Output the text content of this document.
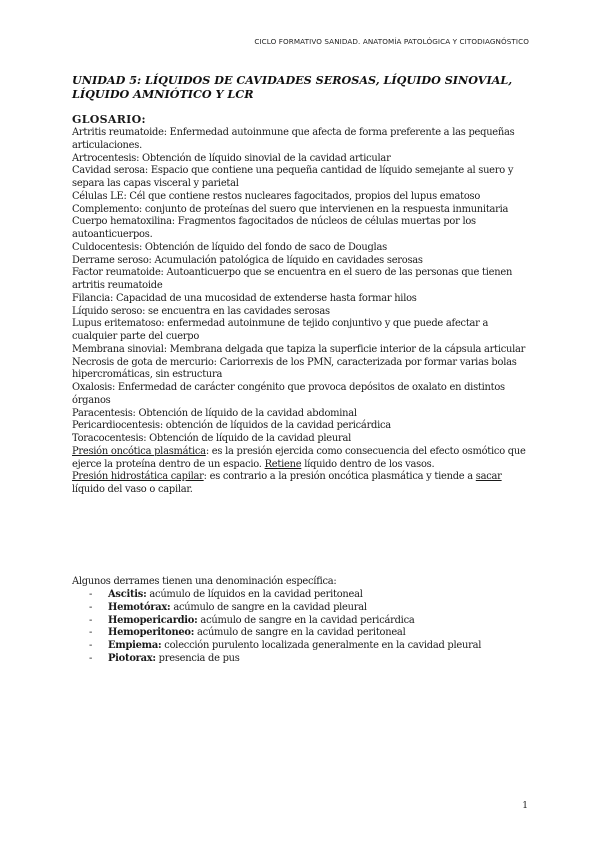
CICLO FORMATIVO SANIDAD. ANATOMÍA PATOLÓGICA Y CITODIAGNÓSTICO
UNIDAD 5: LÍQUIDOS DE CAVIDADES SEROSAS, LÍQUIDO SINOVIAL,
LÍQUIDO AMNIÓTICO Y LCR
GLOSARIO:

Artritis reumatoide: Enfermedad autoinmune que afecta de forma preferente a las pequeñas articulaciones.

Artrocentesis: Obtención de líquido sinovial de la cavidad articular

Cavidad serosa: Espacio que contiene una pequeña cantidad de líquido semejante al suero y separa las capas visceral y parietal

Células LE: Cél que contiene restos nucleares fagocitados, propios del lupus ematoso

Complemento: conjunto de proteínas del suero que intervienen en la respuesta inmunitaria

Cuerpo hematoxilina: Fragmentos fagocitados de núcleos de células muertas por los autoanticuerpos.

Culdocentesis: Obtención de líquido del fondo de saco de Douglas

Derrame seroso: Acumulación patológica de líquido en cavidades serosas

Factor reumatoide: Autoanticuerpo que se encuentra en el suero de las personas que tienen artritis reumatoide

Filancia: Capacidad de una mucosidad de extenderse hasta formar hilos

Líquido seroso: se encuentra en las cavidades serosas

Lupus eritematoso: enfermedad autoinmune de tejido conjuntivo y que puede afectar a cualquier parte del cuerpo

Membrana sinovial: Membrana delgada que tapiza la superficie interior de la cápsula articular

Necrosis de gota de mercurio: Cariorrexis de los PMN, caracterizada por formar varias bolas hipercromáticas, sin estructura

Oxalosis: Enfermedad de carácter congénito que provoca depósitos de oxalato en distintos órganos

Paracentesis: Obtención de líquido de la cavidad abdominal

Pericardiocentesis: obtención de líquidos de la cavidad pericárdica

Toracocentesis: Obtención de líquido de la cavidad pleural

Presión oncótica plasmática: es la presión ejercida como consecuencia del efecto osmótico que ejerce la proteína dentro de un espacio. Retiene líquido dentro de los vasos.

Presión hidrostática capilar: es contrario a la presión oncótica plasmática y tiende a sacar líquido del vaso o capilar.

Algunos derrames tienen una denominación específica:

- Ascitis: acúmulo de líquidos en la cavidad peritoneal
- Hemotórax: acúmulo de sangre en la cavidad pleural
- Hemopericardio: acúmulo de sangre en la cavidad pericárdica
- Hemoperitoneo: acúmulo de sangre en la cavidad peritoneal
- Empiema: colección purulento localizada generalmente en la cavidad pleural
- Piotorax: presencia de pus
1
